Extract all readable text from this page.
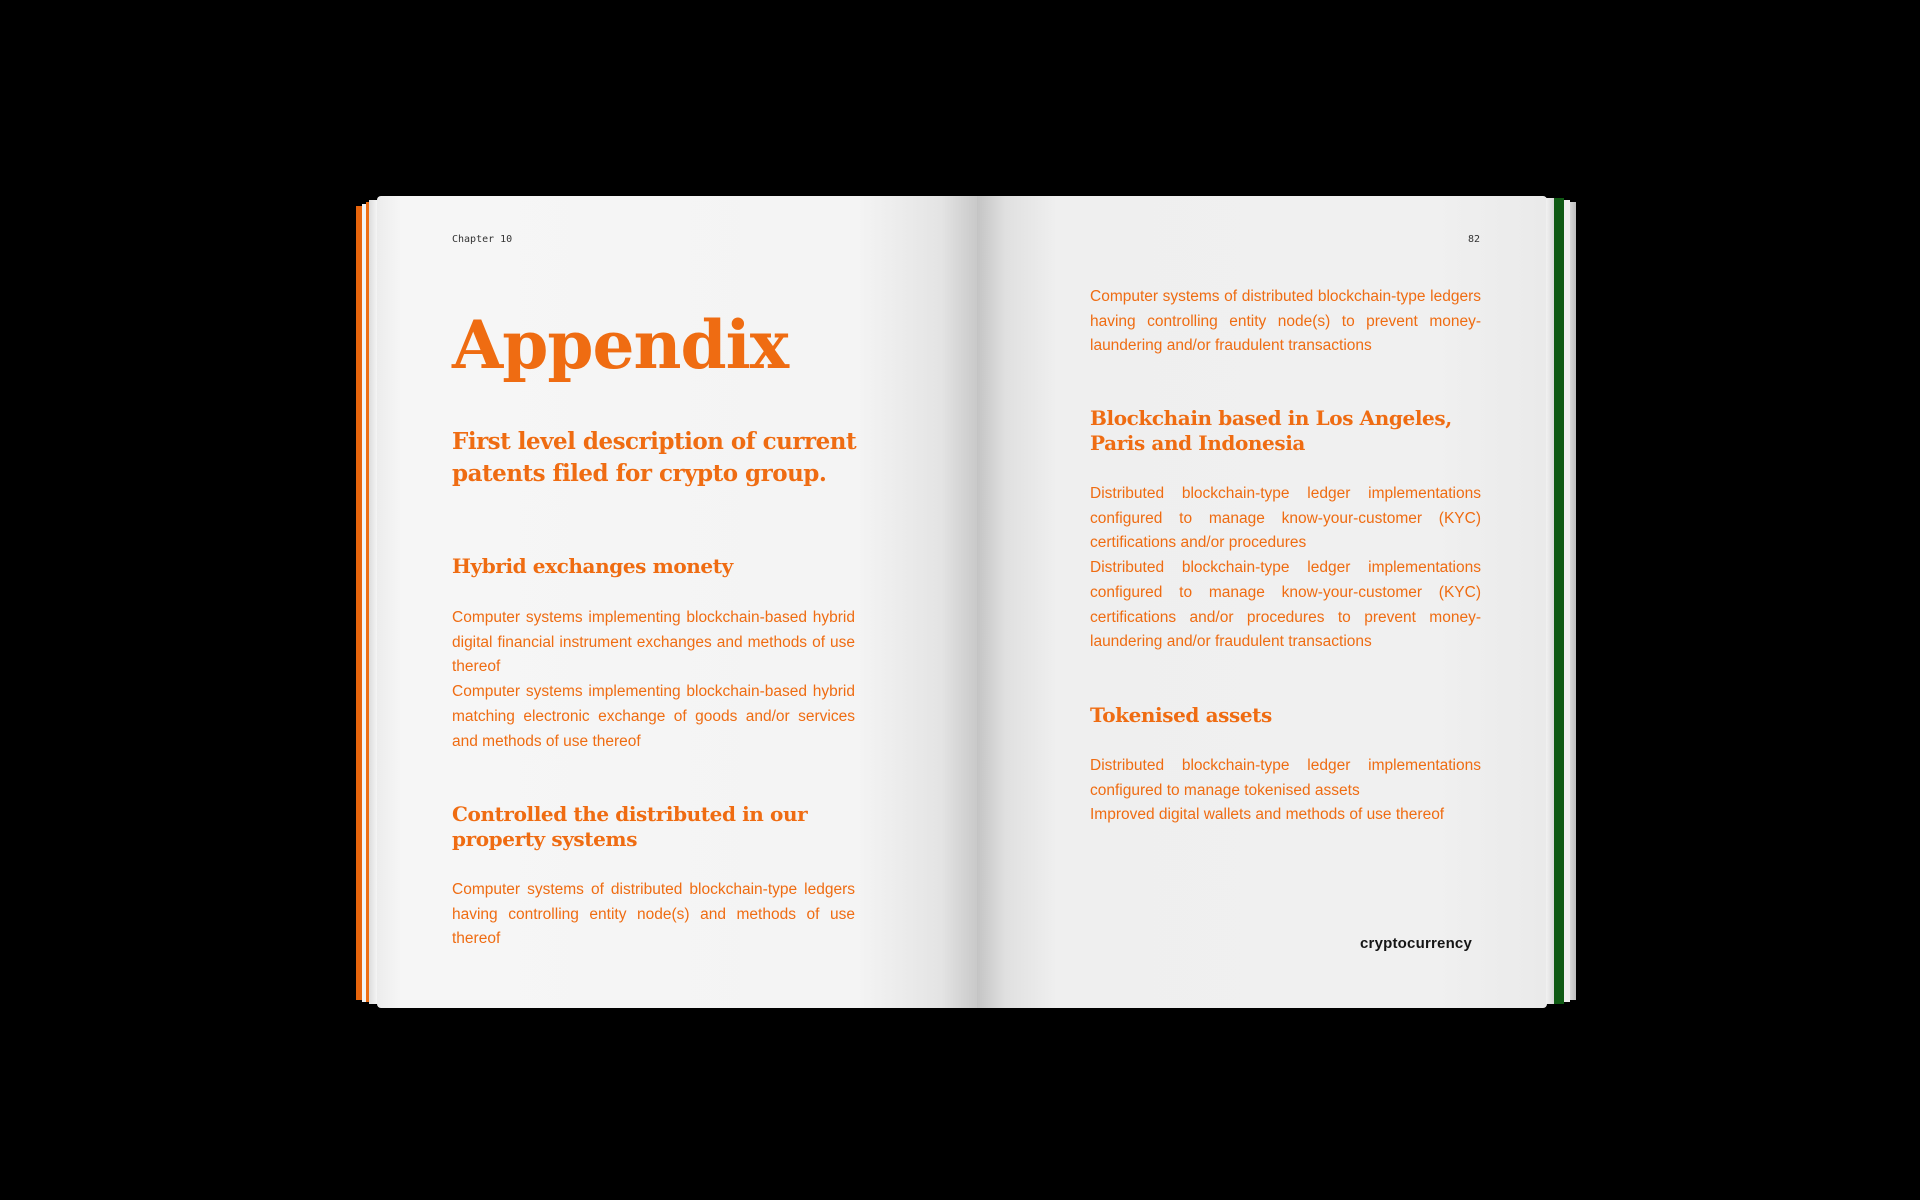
Chapter 10
Appendix
First level description of current patents filed for crypto group.
Hybrid exchanges monety

Computer systems implementing blockchain-based hybrid digital financial instrument exchanges and methods of use thereof

Computer systems implementing blockchain-based hybrid matching electronic exchange of goods and/or services and methods of use thereof

Controlled the distributed in our property systems

Computer systems of distributed blockchain-type ledgers having controlling entity node(s) and methods of use thereof

82

Computer systems of distributed blockchain-type ledgers having controlling entity node(s) to prevent money-laundering and/or fraudulent transactions

Blockchain based in Los Angeles, Paris and Indonesia

Distributed blockchain-type ledger implementations configured to manage know-your-customer (KYC) certifications and/or procedures

Distributed blockchain-type ledger implementations configured to manage know-your-customer (KYC) certifications and/or procedures to prevent money-laundering and/or fraudulent transactions

Tokenised assets

Distributed blockchain-type ledger implementations configured to manage tokenised assets

Improved digital wallets and methods of use thereof

cryptocurrency
